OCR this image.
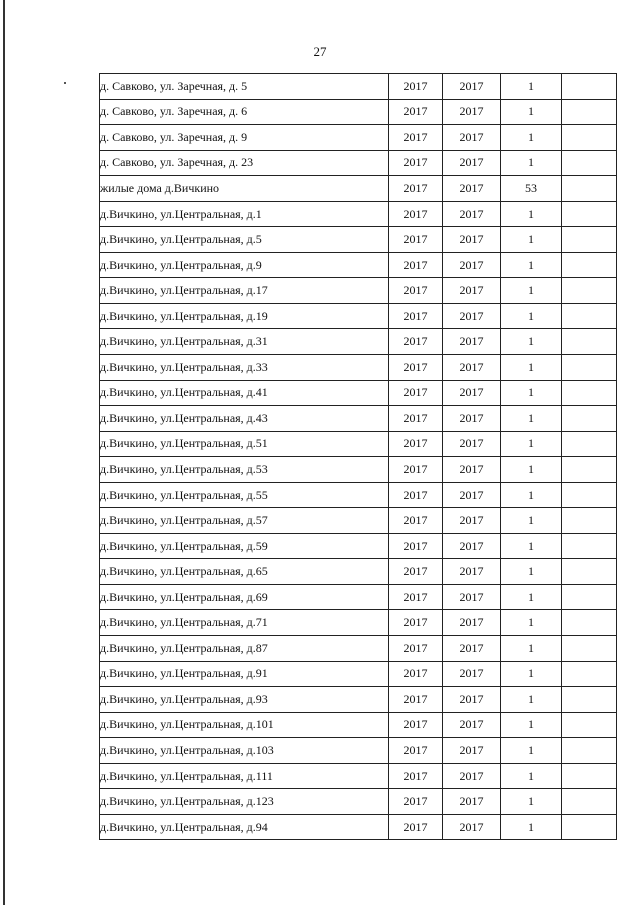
27
д. Савково, ул. Заречная, д. 5	2017	2017	1	
д. Савково, ул. Заречная, д. 6	2017	2017	1	
д. Савково, ул. Заречная, д. 9	2017	2017	1	
д. Савково, ул. Заречная, д. 23	2017	2017	1	
жилые дома д.Вичкино	2017	2017	53	
д.Вичкино, ул.Центральная, д.1	2017	2017	1	
д.Вичкино, ул.Центральная, д.5	2017	2017	1	
д.Вичкино, ул.Центральная, д.9	2017	2017	1	
д.Вичкино, ул.Центральная, д.17	2017	2017	1	
д.Вичкино, ул.Центральная, д.19	2017	2017	1	
д.Вичкино, ул.Центральная, д.31	2017	2017	1	
д.Вичкино, ул.Центральная, д.33	2017	2017	1	
д.Вичкино, ул.Центральная, д.41	2017	2017	1	
д.Вичкино, ул.Центральная, д.43	2017	2017	1	
д.Вичкино, ул.Центральная, д.51	2017	2017	1	
д.Вичкино, ул.Центральная, д.53	2017	2017	1	
д.Вичкино, ул.Центральная, д.55	2017	2017	1	
д.Вичкино, ул.Центральная, д.57	2017	2017	1	
д.Вичкино, ул.Центральная, д.59	2017	2017	1	
д.Вичкино, ул.Центральная, д.65	2017	2017	1	
д.Вичкино, ул.Центральная, д.69	2017	2017	1	
д.Вичкино, ул.Центральная, д.71	2017	2017	1	
д.Вичкино, ул.Центральная, д.87	2017	2017	1	
д.Вичкино, ул.Центральная, д.91	2017	2017	1	
д.Вичкино, ул.Центральная, д.93	2017	2017	1	
д.Вичкино, ул.Центральная, д.101	2017	2017	1	
д.Вичкино, ул.Центральная, д.103	2017	2017	1	
д.Вичкино, ул.Центральная, д.111	2017	2017	1	
д.Вичкино, ул.Центральная, д.123	2017	2017	1	
д.Вичкино, ул.Центральная, д.94	2017	2017	1	
